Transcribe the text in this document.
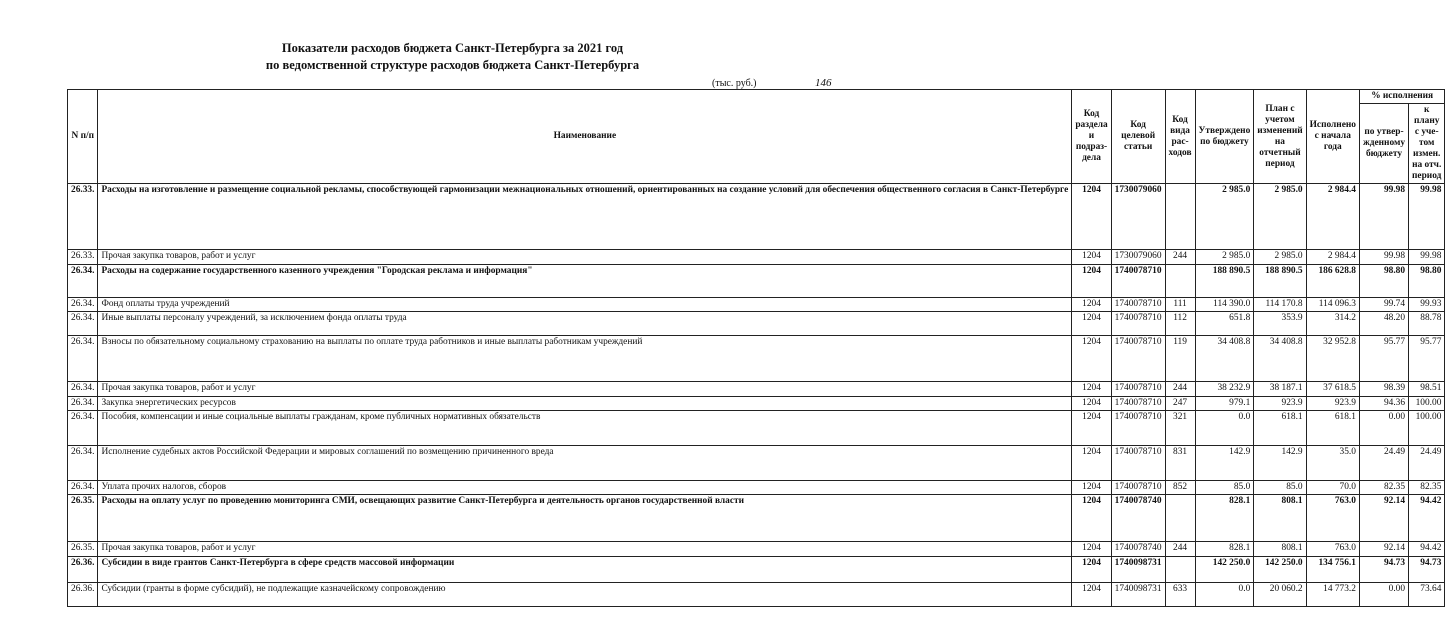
Показатели расходов бюджета Санкт-Петербурга за 2021 год
по ведомственной структуре расходов бюджета Санкт-Петербурга
(тыс. руб.)	146
N п/п	Наименование	Код раздела и подраз- дела	Код целевой статьи	Код вида рас- ходов	Утверждено по бюджету	План с учетом изменений на отчетный период	Исполнено с начала года	% исполнения	
								по утвер- жденному бюджету	к плану с уче- том измен. на отч. период
26.33.	Расходы на изготовление и размещение социальной рекламы, способствующей гармонизации межнациональных отношений, ориентированных на создание условий для обеспечения общественного согласия в Санкт-Петербурге	1204	1730079060		2 985.0	2 985.0	2 984.4	99.98	99.98
26.33.	Прочая закупка товаров, работ и услуг	1204	1730079060	244	2 985.0	2 985.0	2 984.4	99.98	99.98
26.34.	Расходы на содержание государственного казенного учреждения "Городская реклама и информация"	1204	1740078710		188 890.5	188 890.5	186 628.8	98.80	98.80
26.34.	Фонд оплаты труда учреждений	1204	1740078710	111	114 390.0	114 170.8	114 096.3	99.74	99.93
26.34.	Иные выплаты персоналу учреждений, за исключением фонда оплаты труда	1204	1740078710	112	651.8	353.9	314.2	48.20	88.78
26.34.	Взносы по обязательному социальному страхованию на выплаты по оплате труда работников и иные выплаты работникам учреждений	1204	1740078710	119	34 408.8	34 408.8	32 952.8	95.77	95.77
26.34.	Прочая закупка товаров, работ и услуг	1204	1740078710	244	38 232.9	38 187.1	37 618.5	98.39	98.51
26.34.	Закупка энергетических ресурсов	1204	1740078710	247	979.1	923.9	923.9	94.36	100.00
26.34.	Пособия, компенсации и иные социальные выплаты гражданам, кроме публичных нормативных обязательств	1204	1740078710	321	0.0	618.1	618.1	0.00	100.00
26.34.	Исполнение судебных актов Российской Федерации и мировых соглашений по возмещению причиненного вреда	1204	1740078710	831	142.9	142.9	35.0	24.49	24.49
26.34.	Уплата прочих налогов, сборов	1204	1740078710	852	85.0	85.0	70.0	82.35	82.35
26.35.	Расходы на оплату услуг по проведению мониторинга СМИ, освещающих развитие Санкт-Петербурга и деятельность органов государственной власти	1204	1740078740		828.1	808.1	763.0	92.14	94.42
26.35.	Прочая закупка товаров, работ и услуг	1204	1740078740	244	828.1	808.1	763.0	92.14	94.42
26.36.	Субсидии в виде грантов Санкт-Петербурга в сфере средств массовой информации	1204	1740098731		142 250.0	142 250.0	134 756.1	94.73	94.73
26.36.	Субсидии (гранты в форме субсидий), не подлежащие казначейскому сопровождению	1204	1740098731	633	0.0	20 060.2	14 773.2	0.00	73.64
